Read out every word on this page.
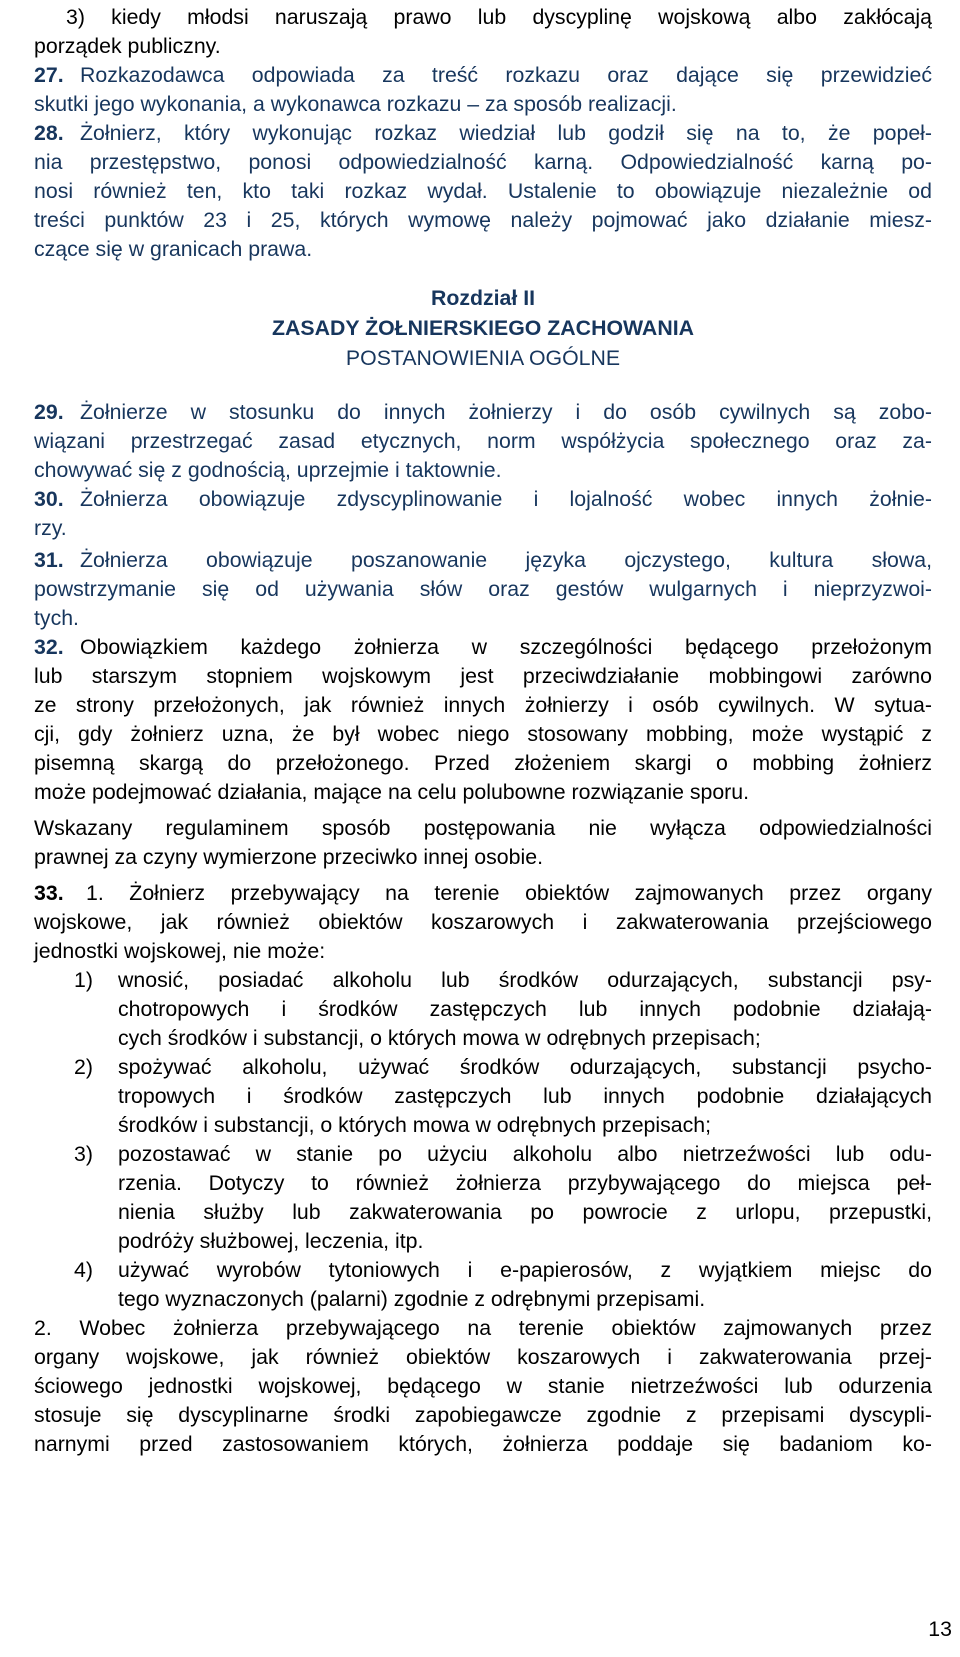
3) kiedy młodsi naruszają prawo lub dyscyplinę wojskową albo zakłócają
porządek publiczny.
27. Rozkazodawca odpowiada za treść rozkazu oraz dające się przewidzieć
skutki jego wykonania, a wykonawca rozkazu – za sposób realizacji.
28. Żołnierz, który wykonując rozkaz wiedział lub godził się na to, że popeł-
nia przestępstwo, ponosi odpowiedzialność karną. Odpowiedzialność karną po-
nosi również ten, kto taki rozkaz wydał. Ustalenie to obowiązuje niezależnie od
treści punktów 23 i 25, których wymowę należy pojmować jako działanie miesz-
czące się w granicach prawa.
Rozdział II
ZASADY ŻOŁNIERSKIEGO ZACHOWANIA
POSTANOWIENIA OGÓLNE
29. Żołnierze w stosunku do innych żołnierzy i do osób cywilnych są zobo-
wiązani przestrzegać zasad etycznych, norm współżycia społecznego oraz za-
chowywać się z godnością, uprzejmie i taktownie.
30. Żołnierza obowiązuje zdyscyplinowanie i lojalność wobec innych żołnie-
rzy.
31. Żołnierza obowiązuje poszanowanie języka ojczystego, kultura słowa,
powstrzymanie się od używania słów oraz gestów wulgarnych i nieprzyzwoi-
tych.
32. Obowiązkiem każdego żołnierza w szczególności będącego przełożonym
lub starszym stopniem wojskowym jest przeciwdziałanie mobbingowi zarówno
ze strony przełożonych, jak również innych żołnierzy i osób cywilnych. W sytua-
cji, gdy żołnierz uzna, że był wobec niego stosowany mobbing, może wystąpić z
pisemną skargą do przełożonego. Przed złożeniem skargi o mobbing żołnierz
może podejmować działania, mające na celu polubowne rozwiązanie sporu.
Wskazany regulaminem sposób postępowania nie wyłącza odpowiedzialności
prawnej za czyny wymierzone przeciwko innej osobie.
33. 1. Żołnierz przebywający na terenie obiektów zajmowanych przez organy
wojskowe, jak również obiektów koszarowych i zakwaterowania przejściowego
jednostki wojskowej, nie może:
1)	wnosić, posiadać alkoholu lub środków odurzających, substancji psy-
chotropowych i środków zastępczych lub innych podobnie działają-
cych środków i substancji, o których mowa w odrębnych przepisach;
2)	spożywać alkoholu, używać środków odurzających, substancji psycho-
tropowych i środków zastępczych lub innych podobnie działających
środków i substancji, o których mowa w odrębnych przepisach;
3)	pozostawać w stanie po użyciu alkoholu albo nietrzeźwości lub odu-
rzenia. Dotyczy to również żołnierza przybywającego do miejsca peł-
nienia służby lub zakwaterowania po powrocie z urlopu, przepustki,
podróży służbowej, leczenia, itp.
4)	używać wyrobów tytoniowych i e-papierosów, z wyjątkiem miejsc do
tego wyznaczonych (palarni) zgodnie z odrębnymi przepisami.
2. Wobec żołnierza przebywającego na terenie obiektów zajmowanych przez
organy wojskowe, jak również obiektów koszarowych i zakwaterowania przej-
ściowego jednostki wojskowej, będącego w stanie nietrzeźwości lub odurzenia
stosuje się dyscyplinarne środki zapobiegawcze zgodnie z przepisami dyscypli-
narnymi przed zastosowaniem których, żołnierza poddaje się badaniom ko-
13
